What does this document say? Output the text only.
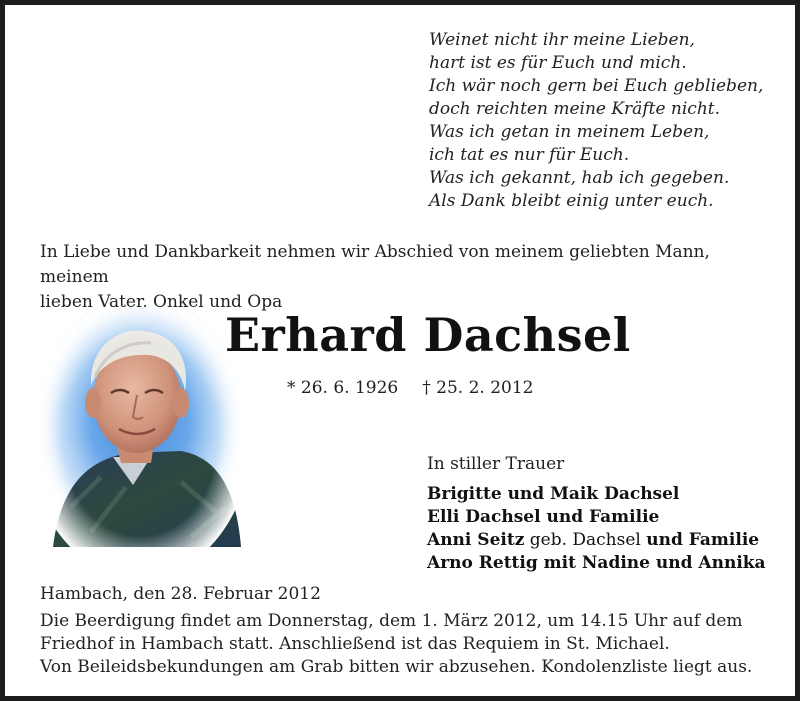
Weinet nicht ihr meine Lieben,
hart ist es für Euch und mich.
Ich wär noch gern bei Euch geblieben,
doch reichten meine Kräfte nicht.
Was ich getan in meinem Leben,
ich tat es nur für Euch.
Was ich gekannt, hab ich gegeben.
Als Dank bleibt einig unter euch.
In Liebe und Dankbarkeit nehmen wir Abschied von meinem geliebten Mann, meinem
lieben Vater, Onkel und Opa
Erhard Dachsel
* 26. 6. 1926 † 25. 2. 2012
In stiller Trauer
Brigitte und Maik Dachsel
Elli Dachsel und Familie
Anni Seitz geb. Dachsel und Familie
Arno Rettig mit Nadine und Annika
Hambach, den 28. Februar 2012
Die Beerdigung findet am Donnerstag, dem 1. März 2012, um 14.15 Uhr auf dem
Friedhof in Hambach statt. Anschließend ist das Requiem in St. Michael.
Von Beileidsbekundungen am Grab bitten wir abzusehen. Kondolenzliste liegt aus.
